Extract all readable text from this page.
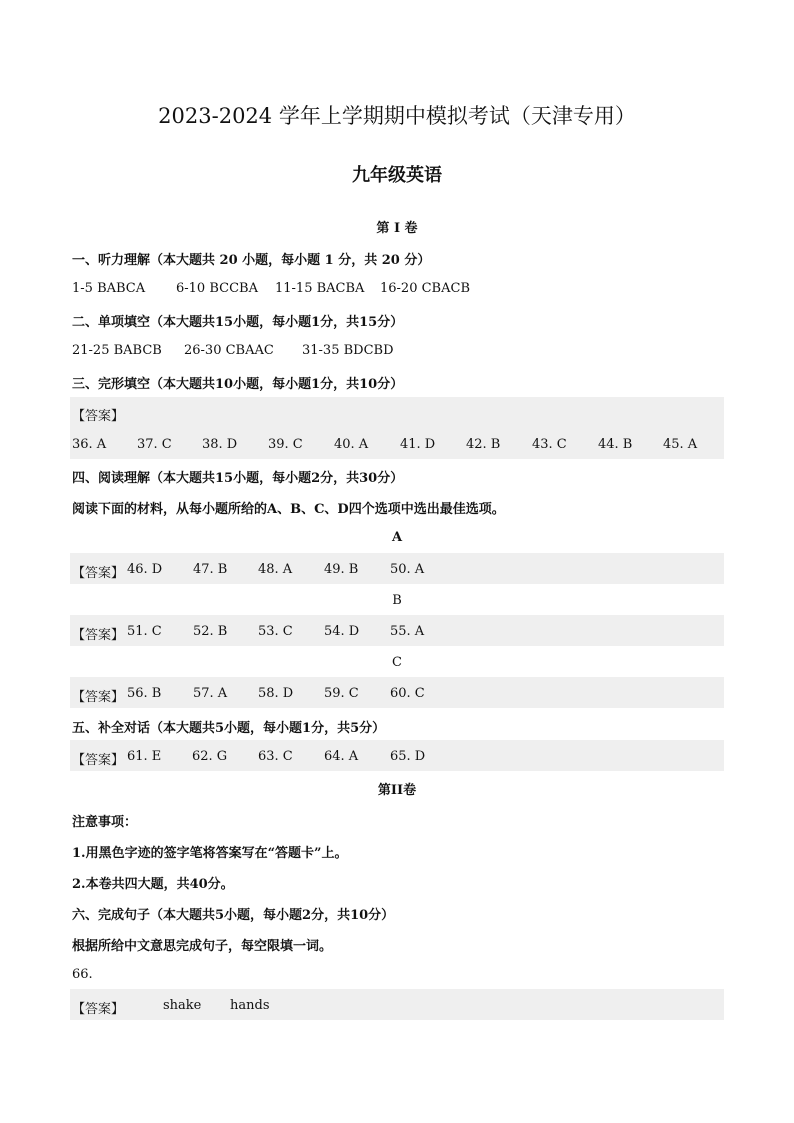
2023-2024 学年上学期期中模拟考试（天津专用）
九年级英语
第 I 卷
一、听力理解（本大题共 20 小题，每小题 1 分，共 20 分）
1-5 BABCA 6-10 BCCBA 11-15 BACBA 16-20 CBACB
二、单项填空（本大题共15小题，每小题1分，共15分）
21-25 BABCB 26-30 CBAAC 31-35 BDCBD
三、完形填空（本大题共10小题，每小题1分，共10分）
【答案】
36. A 37. C 38. D 39. C 40. A 41. D 42. B 43. C 44. B 45. A
四、阅读理解（本大题共15小题，每小题2分，共30分）
阅读下面的材料，从每小题所给的A、B、C、D四个选项中选出最佳选项。
A
【答案】 46. D 47. B 48. A 49. B 50. A
B
【答案】 51. C 52. B 53. C 54. D 55. A
C
【答案】 56. B 57. A 58. D 59. C 60. C
五、补全对话（本大题共5小题，每小题1分，共5分）
【答案】 61. E 62. G 63. C 64. A 65. D
第II卷
注意事项：
1.用黑色字迹的签字笔将答案写在“答题卡”上。
2.本卷共四大题，共40分。
六、完成句子（本大题共5小题，每小题2分，共10分）
根据所给中文意思完成句子，每空限填一词。
66.
【答案】	shake hands
